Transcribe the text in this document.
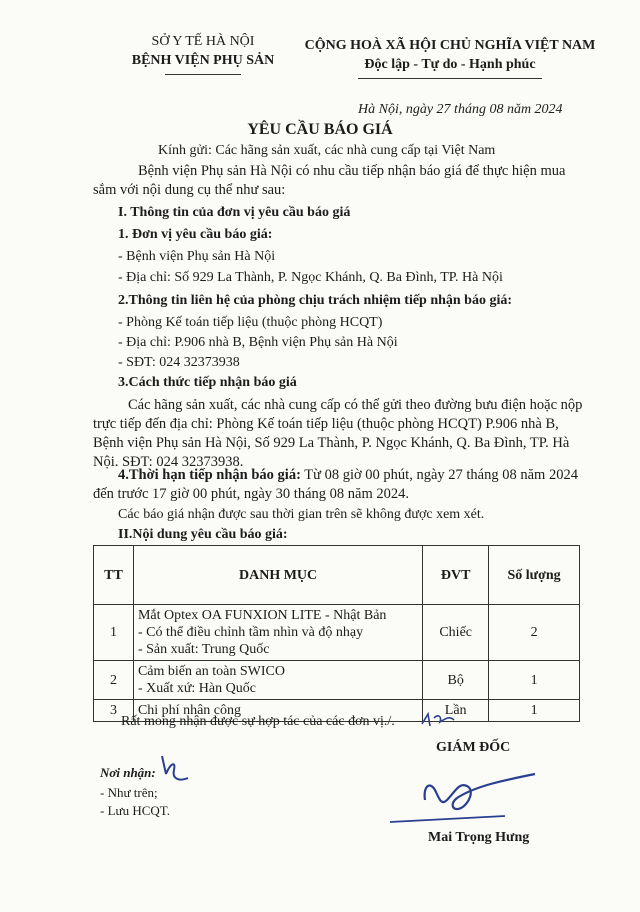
SỞ Y TẾ HÀ NỘI
BỆNH VIỆN PHỤ SẢN
CỘNG HOÀ XÃ HỘI CHỦ NGHĨA VIỆT NAM
Độc lập - Tự do - Hạnh phúc
Hà Nội, ngày 27 tháng 08 năm 2024
YÊU CẦU BÁO GIÁ
Kính gửi: Các hãng sản xuất, các nhà cung cấp tại Việt Nam
Bệnh viện Phụ sản Hà Nội có nhu cầu tiếp nhận báo giá để thực hiện mua sắm với nội dung cụ thể như sau:
I. Thông tin của đơn vị yêu cầu báo giá
1. Đơn vị yêu cầu báo giá:
- Bệnh viện Phụ sản Hà Nội
- Địa chỉ: Số 929 La Thành, P. Ngọc Khánh, Q. Ba Đình, TP. Hà Nội
2.Thông tin liên hệ của phòng chịu trách nhiệm tiếp nhận báo giá:
- Phòng Kế toán tiếp liệu (thuộc phòng HCQT)
- Địa chỉ: P.906 nhà B, Bệnh viện Phụ sản Hà Nội
- SĐT: 024 32373938
3.Cách thức tiếp nhận báo giá
Các hãng sản xuất, các nhà cung cấp có thể gửi theo đường bưu điện hoặc nộp trực tiếp đến địa chỉ: Phòng Kế toán tiếp liệu (thuộc phòng HCQT) P.906 nhà B, Bệnh viện Phụ sản Hà Nội, Số 929 La Thành, P. Ngọc Khánh, Q. Ba Đình, TP. Hà Nội. SĐT: 024 32373938.
4.Thời hạn tiếp nhận báo giá: Từ 08 giờ 00 phút, ngày 27 tháng 08 năm 2024 đến trước 17 giờ 00 phút, ngày 30 tháng 08 năm 2024.
Các báo giá nhận được sau thời gian trên sẽ không được xem xét.
II.Nội dung yêu cầu báo giá:
TT	DANH MỤC	ĐVT	Số lượng
1	Mắt Optex OA FUNXION LITE - Nhật Bản
- Có thể điều chỉnh tầm nhìn và độ nhạy
- Sản xuất: Trung Quốc	Chiếc	2
2	Cảm biến an toàn SWICO
- Xuất xứ: Hàn Quốc	Bộ	1
3	Chi phí nhân công	Lần	1
Rất mong nhận được sự hợp tác của các đơn vị./.
Nơi nhận:
- Như trên;
- Lưu HCQT.
GIÁM ĐỐC
Mai Trọng Hưng
